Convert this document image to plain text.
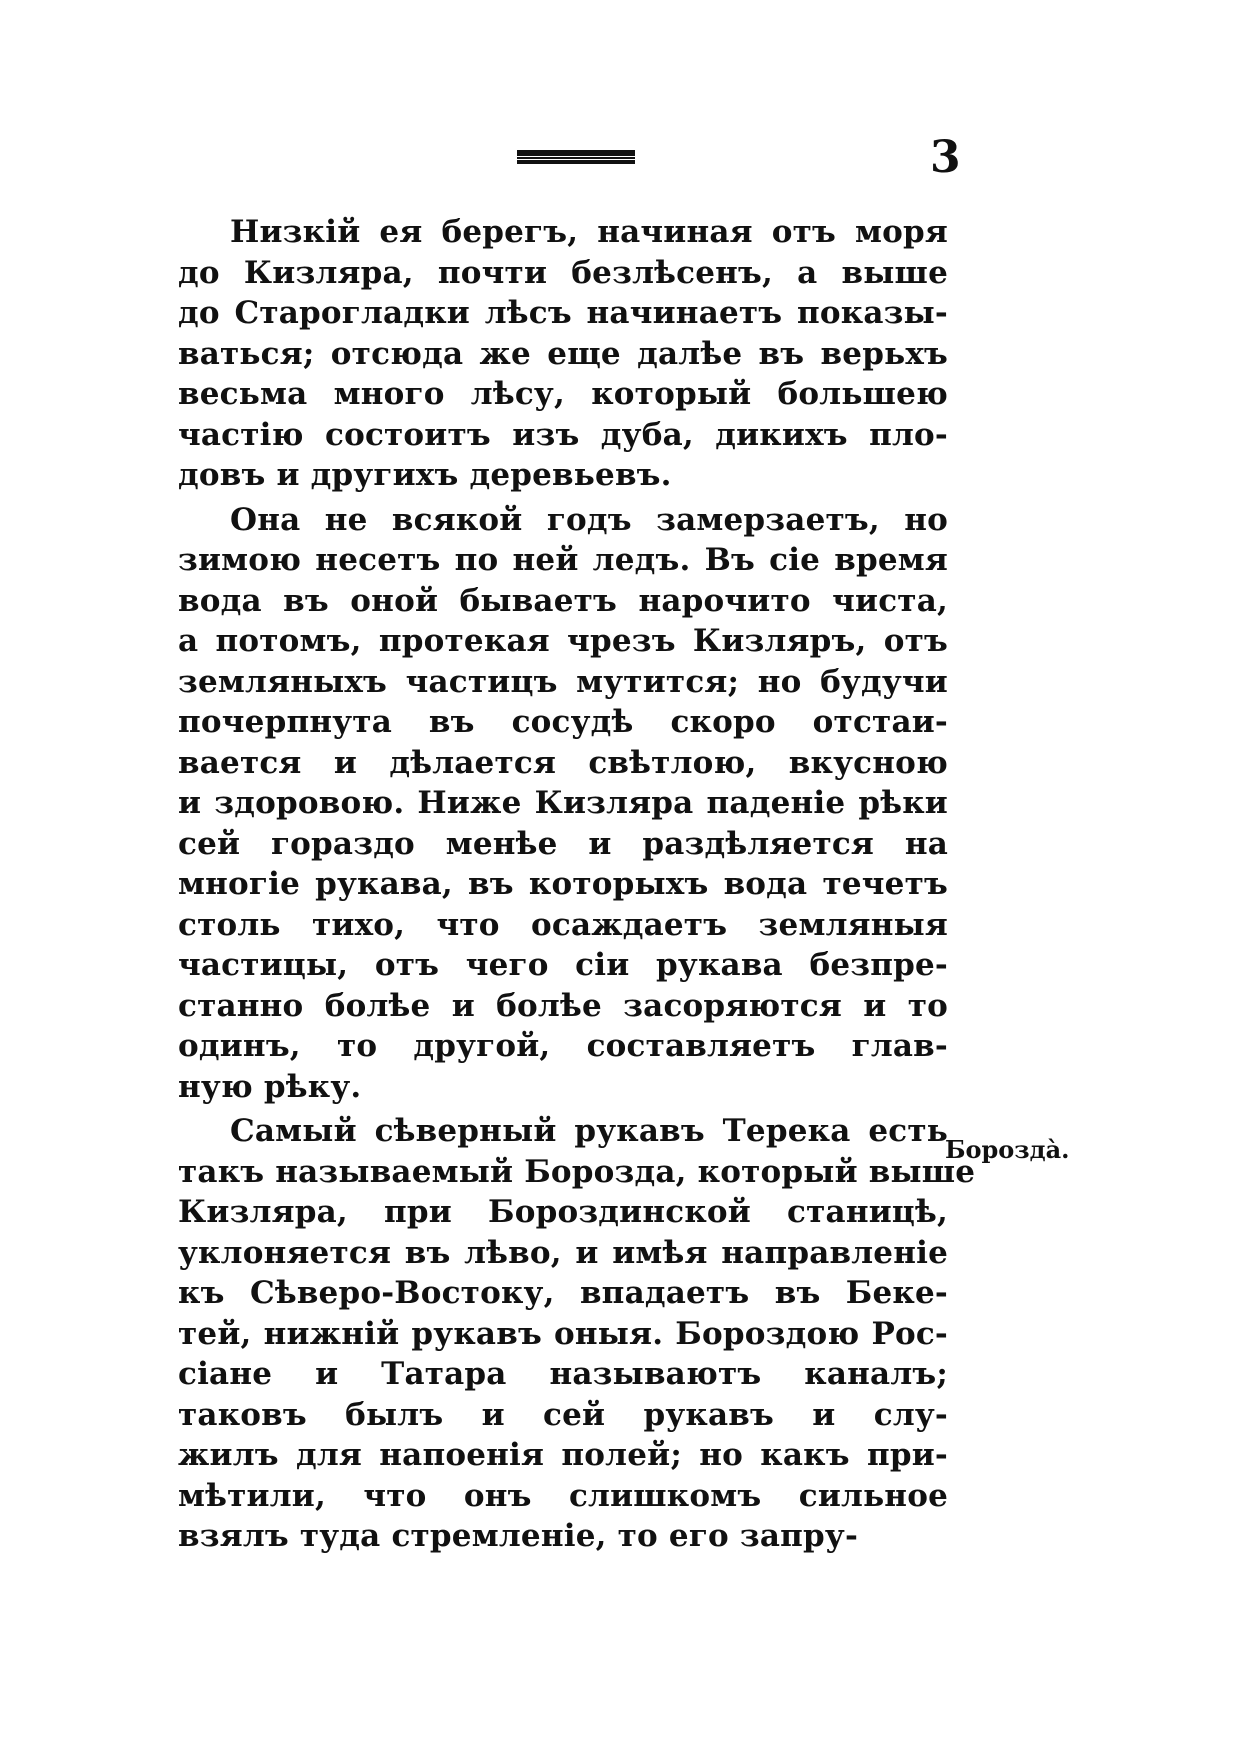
3
Низкій ея берегъ, начиная отъ моря
до Кизляра, почти безлѣсенъ, а выше
до Старогладки лѣсъ начинаетъ показы-
ваться; отсюда же еще далѣе въ верьхъ
весьма много лѣсу, который большею
частію состоитъ изъ дуба, дикихъ пло-
довъ и другихъ деревьевъ.
Она не всякой годъ замерзаетъ, но
зимою несетъ по ней ледъ. Въ сіе время
вода въ оной бываетъ нарочито чиста,
а потомъ, протекая чрезъ Кизляръ, отъ
земляныхъ частицъ мутится; но будучи
почерпнута въ сосудѣ скоро отстаи-
вается и дѣлается свѣтлою, вкусною
и здоровою. Ниже Кизляра паденіе рѣки
сей гораздо менѣе и раздѣляется на
многіе рукава, въ которыхъ вода течетъ
столь тихо, что осаждаетъ земляныя
частицы, отъ чего сіи рукава безпре-
станно болѣе и болѣе засоряются и то
одинъ, то другой, составляетъ глав-
ную рѣку.
Самый сѣверный рукавъ Терека есть
такъ называемый Борозда, который выше
Кизляра, при Бороздинской станицѣ,
уклоняется въ лѣво, и имѣя направленіе
къ Сѣверо-Востоку, впадаетъ въ Беке-
тей, нижній рукавъ оныя. Бороздою Рос-
сіане и Татара называютъ каналъ;
таковъ былъ и сей рукавъ и слу-
жилъ для напоенія полей; но какъ при-
мѣтили, что онъ слишкомъ сильное
взялъ туда стремленіе, то его запру-
Бороздà.
